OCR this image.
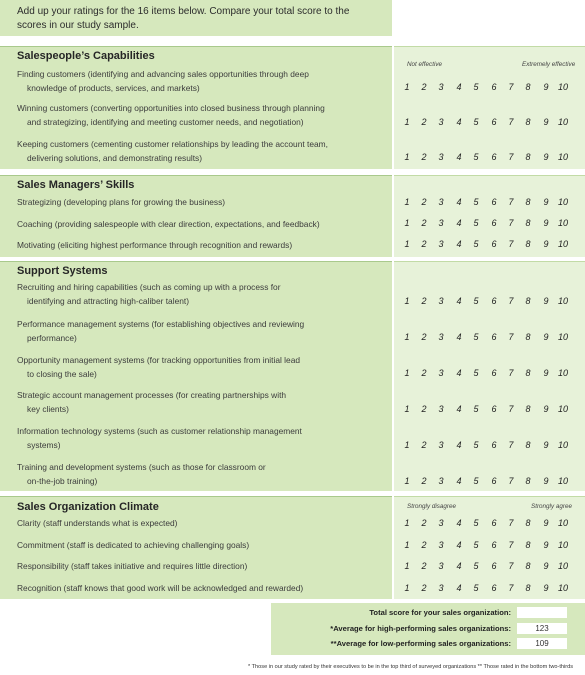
Add up your ratings for the 16 items below. Compare your total score to the
scores in our study sample.
Salespeople’s Capabilities
Not effective	Extremely effective
Finding customers (identifying and advancing sales opportunities through deep
knowledge of products, services, and markets)	1	2	3	4	5	6	7	8	9	10
Winning customers (converting opportunities into closed business through planning
and strategizing, identifying and meeting customer needs, and negotiation)	1	2	3	4	5	6	7	8	9	10
Keeping customers (cementing customer relationships by leading the account team,
delivering solutions, and demonstrating results)	1	2	3	4	5	6	7	8	9	10
Sales Managers’ Skills
Strategizing (developing plans for growing the business)	1	2	3	4	5	6	7	8	9	10
Coaching (providing salespeople with clear direction, expectations, and feedback)	1	2	3	4	5	6	7	8	9	10
Motivating (eliciting highest performance through recognition and rewards)	1	2	3	4	5	6	7	8	9	10
Support Systems
Recruiting and hiring capabilities (such as coming up with a process for
identifying and attracting high-caliber talent)	1	2	3	4	5	6	7	8	9	10
Performance management systems (for establishing objectives and reviewing
performance)	1	2	3	4	5	6	7	8	9	10
Opportunity management systems (for tracking opportunities from initial lead
to closing the sale)	1	2	3	4	5	6	7	8	9	10
Strategic account management processes (for creating partnerships with
key clients)	1	2	3	4	5	6	7	8	9	10
Information technology systems (such as customer relationship management
systems)	1	2	3	4	5	6	7	8	9	10
Training and development systems (such as those for classroom or
on-the-job training)	1	2	3	4	5	6	7	8	9	10
Sales Organization Climate	Strongly disagree	Strongly agree
Clarity (staff understands what is expected)	1	2	3	4	5	6	7	8	9	10
Commitment (staff is dedicated to achieving challenging goals)	1	2	3	4	5	6	7	8	9	10
Responsibility (staff takes initiative and requires little direction)	1	2	3	4	5	6	7	8	9	10
Recognition (staff knows that good work will be acknowledged and rewarded)	1	2	3	4	5	6	7	8	9	10
Total score for your sales organization:
*Average for high-performing sales organizations:	123
**Average for low-performing sales organizations:	109
* Those in our study rated by their executives to be in the top third of surveyed organizations ** Those rated in the bottom two-thirds
